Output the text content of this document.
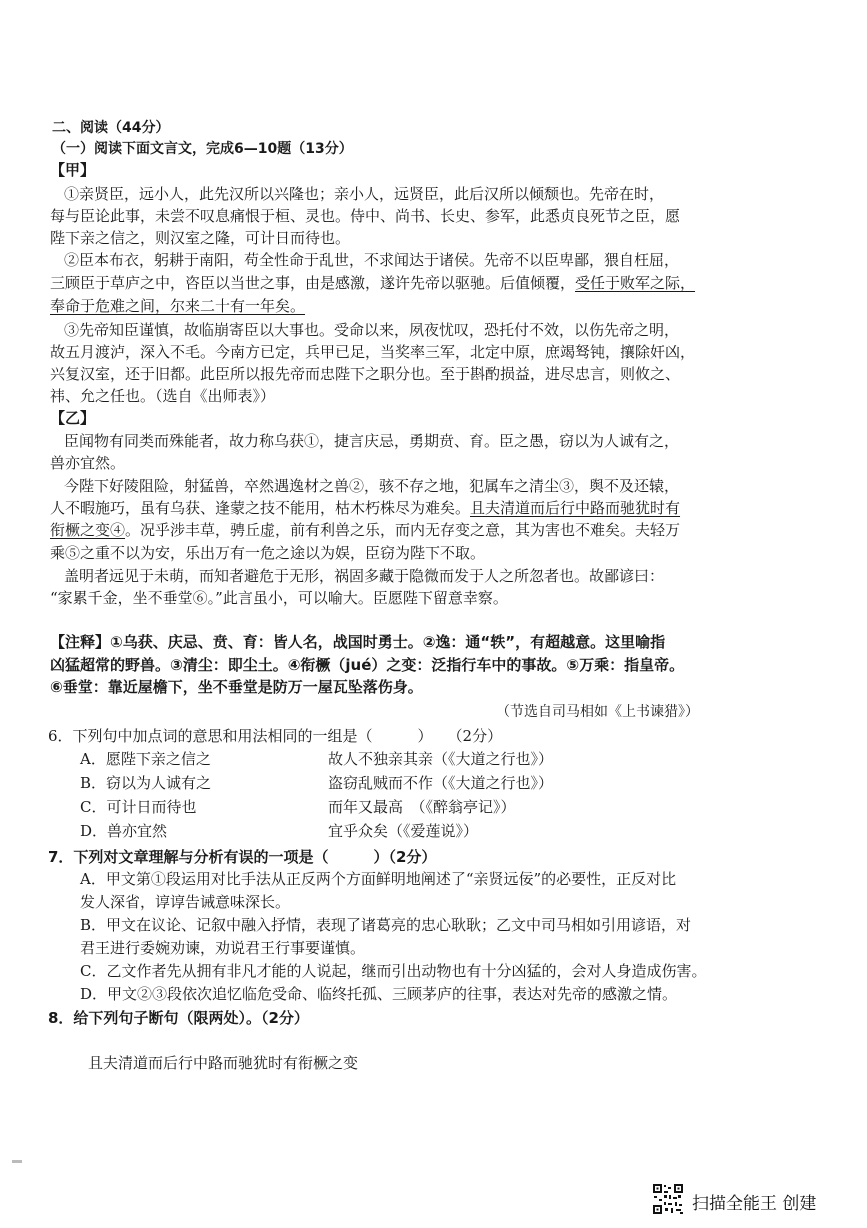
二、阅读（44分）
（一）阅读下面文言文，完成6—10题（13分）
【甲】
①亲贤臣，远小人，此先汉所以兴隆也；亲小人，远贤臣，此后汉所以倾颓也。先帝在时，
每与臣论此事，未尝不叹息痛恨于桓、灵也。侍中、尚书、长史、参军，此悉贞良死节之臣，愿
陛下亲之信之，则汉室之隆，可计日而待也。
②臣本布衣，躬耕于南阳，苟全性命于乱世，不求闻达于诸侯。先帝不以臣卑鄙，猥自枉屈，
三顾臣于草庐之中，咨臣以当世之事，由是感激，遂许先帝以驱驰。后值倾覆，受任于败军之际，
奉命于危难之间，尔来二十有一年矣。
③先帝知臣谨慎，故临崩寄臣以大事也。受命以来，夙夜忧叹，恐托付不效，以伤先帝之明，
故五月渡泸，深入不毛。今南方已定，兵甲已足，当奖率三军，北定中原，庶竭驽钝，攘除奸凶，
兴复汉室，还于旧都。此臣所以报先帝而忠陛下之职分也。至于斟酌损益，进尽忠言，则攸之、
祎、允之任也。（选自《出师表》）
【乙】
臣闻物有同类而殊能者，故力称乌获①，捷言庆忌，勇期贲、育。臣之愚，窃以为人诚有之，
兽亦宜然。
今陛下好陵阻险，射猛兽，卒然遇逸材之兽②，骇不存之地，犯属车之清尘③，舆不及还辕，
人不暇施巧，虽有乌获、逢蒙之技不能用，枯木朽株尽为难矣。且夫清道而后行中路而驰犹时有
衔橛之变④。况乎涉丰草，骋丘虚，前有利兽之乐，而内无存变之意，其为害也不难矣。夫轻万
乘⑤之重不以为安，乐出万有一危之途以为娱，臣窃为陛下不取。
盖明者远见于未萌，而知者避危于无形，祸固多藏于隐微而发于人之所忽者也。故鄙谚曰：
“家累千金，坐不垂堂⑥。”此言虽小，可以喻大。臣愿陛下留意幸察。
【注释】①乌获、庆忌、贲、育：皆人名，战国时勇士。②逸：通“轶”，有超越意。这里喻指
凶猛超常的野兽。③清尘：即尘土。④衔橛（jué）之变：泛指行车中的事故。⑤万乘：指皇帝。
⑥垂堂：靠近屋檐下，坐不垂堂是防万一屋瓦坠落伤身。
（节选自司马相如《上书谏猎》）
6．下列句中加点词的意思和用法相同的一组是（　　　）　　（2分）
A．愿陛下亲之信之	故人不独亲其亲（《大道之行也》）
B．窃以为人诚有之	盗窃乱贼而不作（《大道之行也》）
C．可计日而待也	而年又最高　（《醉翁亭记》）
D．兽亦宜然	宜乎众矣（《爱莲说》）
7．下列对文章理解与分析有误的一项是（　　　）（2分）
A．甲文第①段运用对比手法从正反两个方面鲜明地阐述了“亲贤远佞”的必要性，正反对比
发人深省，谆谆告诫意味深长。
B．甲文在议论、记叙中融入抒情，表现了诸葛亮的忠心耿耿；乙文中司马相如引用谚语，对
君王进行委婉劝谏，劝说君王行事要谨慎。
C．乙文作者先从拥有非凡才能的人说起，继而引出动物也有十分凶猛的，会对人身造成伤害。
D．甲文②③段依次追忆临危受命、临终托孤、三顾茅庐的往事，表达对先帝的感激之情。
8．给下列句子断句（限两处）。（2分）
且夫清道而后行中路而驰犹时有衔橛之变
扫描全能王 创建
